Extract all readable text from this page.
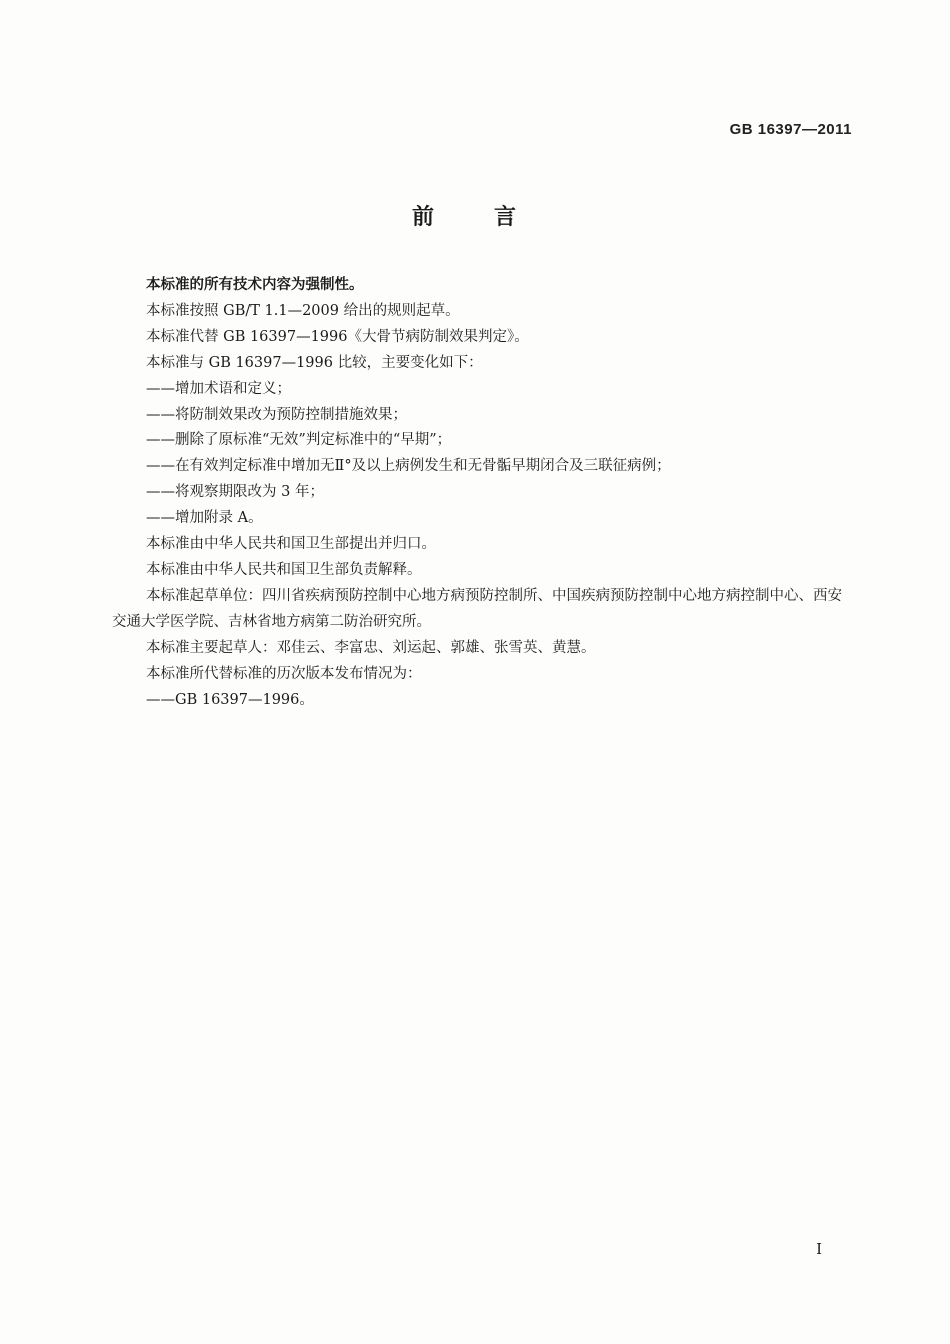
GB 16397—2011
前言

本标准的所有技术内容为强制性。

本标准按照 GB/T 1.1—2009 给出的规则起草。

本标准代替 GB 16397—1996《大骨节病防制效果判定》。

本标准与 GB 16397—1996 比较，主要变化如下：

——增加术语和定义；

——将防制效果改为预防控制措施效果；

——删除了原标准“无效”判定标准中的“早期”；

——在有效判定标准中增加无Ⅱ°及以上病例发生和无骨骺早期闭合及三联征病例；

——将观察期限改为 3 年；

——增加附录 A。

本标准由中华人民共和国卫生部提出并归口。

本标准由中华人民共和国卫生部负责解释。

本标准起草单位：四川省疾病预防控制中心地方病预防控制所、中国疾病预防控制中心地方病控制中心、西安交通大学医学院、吉林省地方病第二防治研究所。

本标准主要起草人：邓佳云、李富忠、刘运起、郭雄、张雪英、黄慧。

本标准所代替标准的历次版本发布情况为：

——GB 16397—1996。

I
